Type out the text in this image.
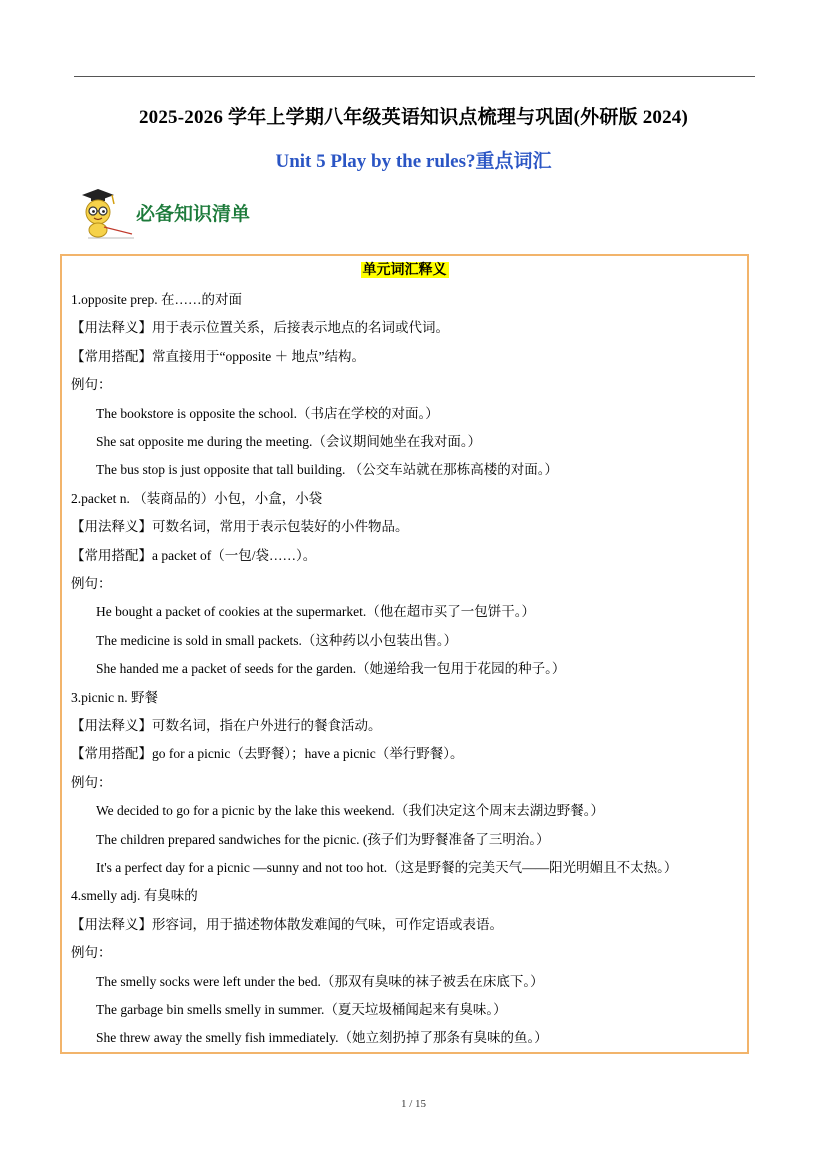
2025-2026 学年上学期八年级英语知识点梳理与巩固(外研版 2024)
Unit 5 Play by the rules?重点词汇
必备知识清单
单元词汇释义
1.opposite prep. 在……的对面
【用法释义】用于表示位置关系，后接表示地点的名词或代词。
【常用搭配】常直接用于“opposite ＋ 地点”结构。
例句：
The bookstore is opposite the school.（书店在学校的对面。）
She sat opposite me during the meeting.（会议期间她坐在我对面。）
The bus stop is just opposite that tall building. （公交车站就在那栋高楼的对面。）
2.packet n. （装商品的）小包，小盒，小袋
【用法释义】可数名词，常用于表示包装好的小件物品。
【常用搭配】a packet of（一包/袋……）。
例句：
He bought a packet of cookies at the supermarket.（他在超市买了一包饼干。）
The medicine is sold in small packets.（这种药以小包装出售。）
She handed me a packet of seeds for the garden.（她递给我一包用于花园的种子。）
3.picnic n. 野餐
【用法释义】可数名词，指在户外进行的餐食活动。
【常用搭配】go for a picnic（去野餐）；have a picnic（举行野餐）。
例句：
We decided to go for a picnic by the lake this weekend.（我们决定这个周末去湖边野餐。）
The children prepared sandwiches for the picnic. (孩子们为野餐准备了三明治。）
It's a perfect day for a picnic —sunny and not too hot.（这是野餐的完美天气——阳光明媚且不太热。）
4.smelly adj. 有臭味的
【用法释义】形容词，用于描述物体散发难闻的气味，可作定语或表语。
例句：
The smelly socks were left under the bed.（那双有臭味的袜子被丢在床底下。）
The garbage bin smells smelly in summer.（夏天垃圾桶闻起来有臭味。）
She threw away the smelly fish immediately.（她立刻扔掉了那条有臭味的鱼。）
1 / 15
